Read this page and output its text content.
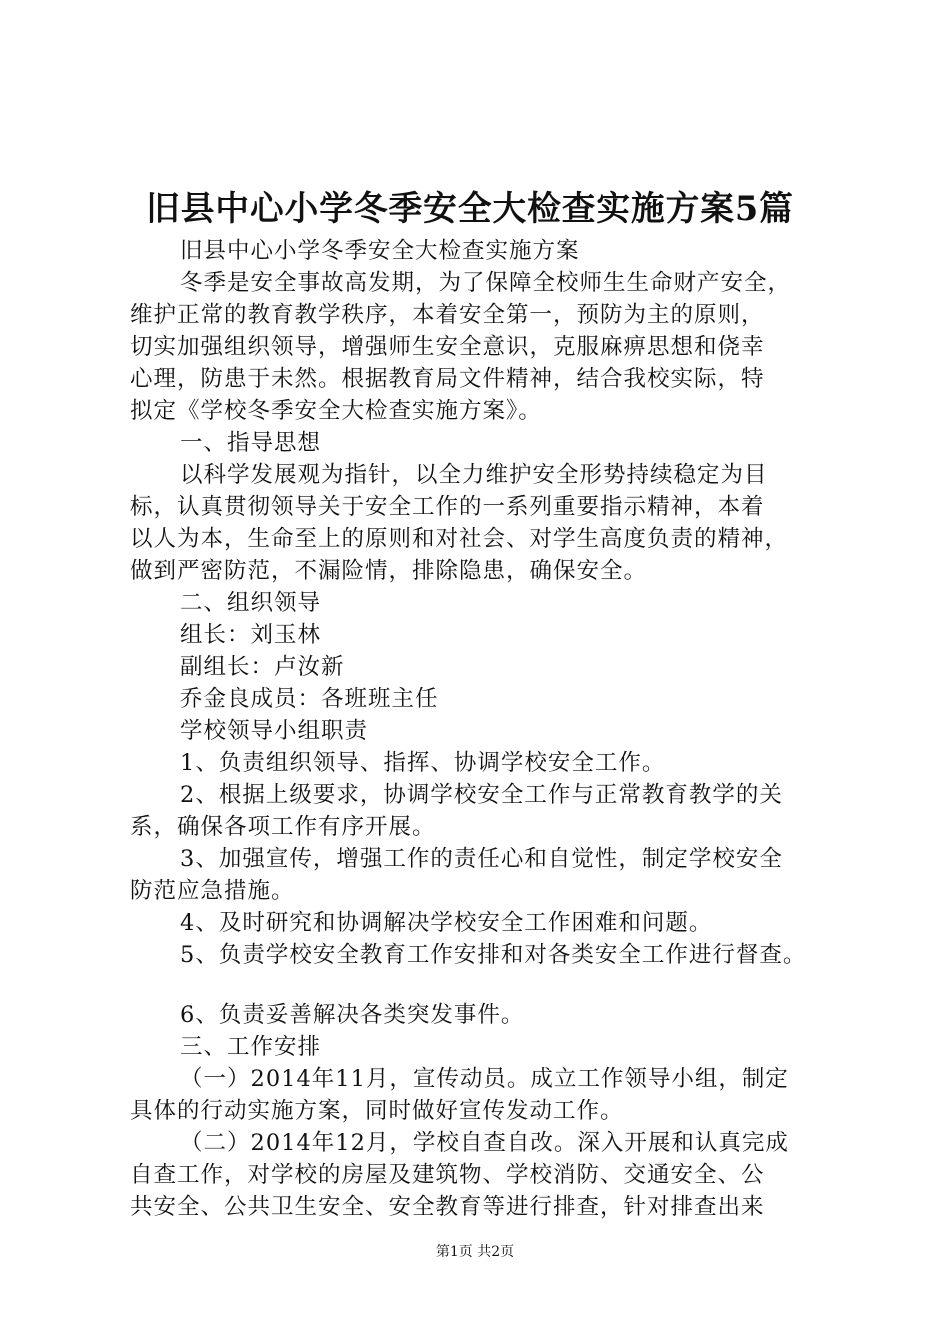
旧县中心小学冬季安全大检查实施方案5篇
旧县中心小学冬季安全大检查实施方案
冬季是安全事故高发期，为了保障全校师生生命财产安全，
维护正常的教育教学秩序，本着安全第一，预防为主的原则，
切实加强组织领导，增强师生安全意识，克服麻痹思想和侥幸
心理，防患于未然。根据教育局文件精神，结合我校实际，特
拟定《学校冬季安全大检查实施方案》。
一、指导思想
以科学发展观为指针，以全力维护安全形势持续稳定为目
标，认真贯彻领导关于安全工作的一系列重要指示精神，本着
以人为本，生命至上的原则和对社会、对学生高度负责的精神，
做到严密防范，不漏险情，排除隐患，确保安全。
二、组织领导
组长：刘玉林
副组长：卢汝新
乔金良成员：各班班主任
学校领导小组职责
1、负责组织领导、指挥、协调学校安全工作。
2、根据上级要求，协调学校安全工作与正常教育教学的关
系，确保各项工作有序开展。
3、加强宣传，增强工作的责任心和自觉性，制定学校安全
防范应急措施。
4、及时研究和协调解决学校安全工作困难和问题。
5、负责学校安全教育工作安排和对各类安全工作进行督查。
6、负责妥善解决各类突发事件。
三、工作安排
（一）2014年11月，宣传动员。成立工作领导小组，制定
具体的行动实施方案，同时做好宣传发动工作。
（二）2014年12月，学校自查自改。深入开展和认真完成
自查工作，对学校的房屋及建筑物、学校消防、交通安全、公
共安全、公共卫生安全、安全教育等进行排查，针对排查出来
第1页 共2页
